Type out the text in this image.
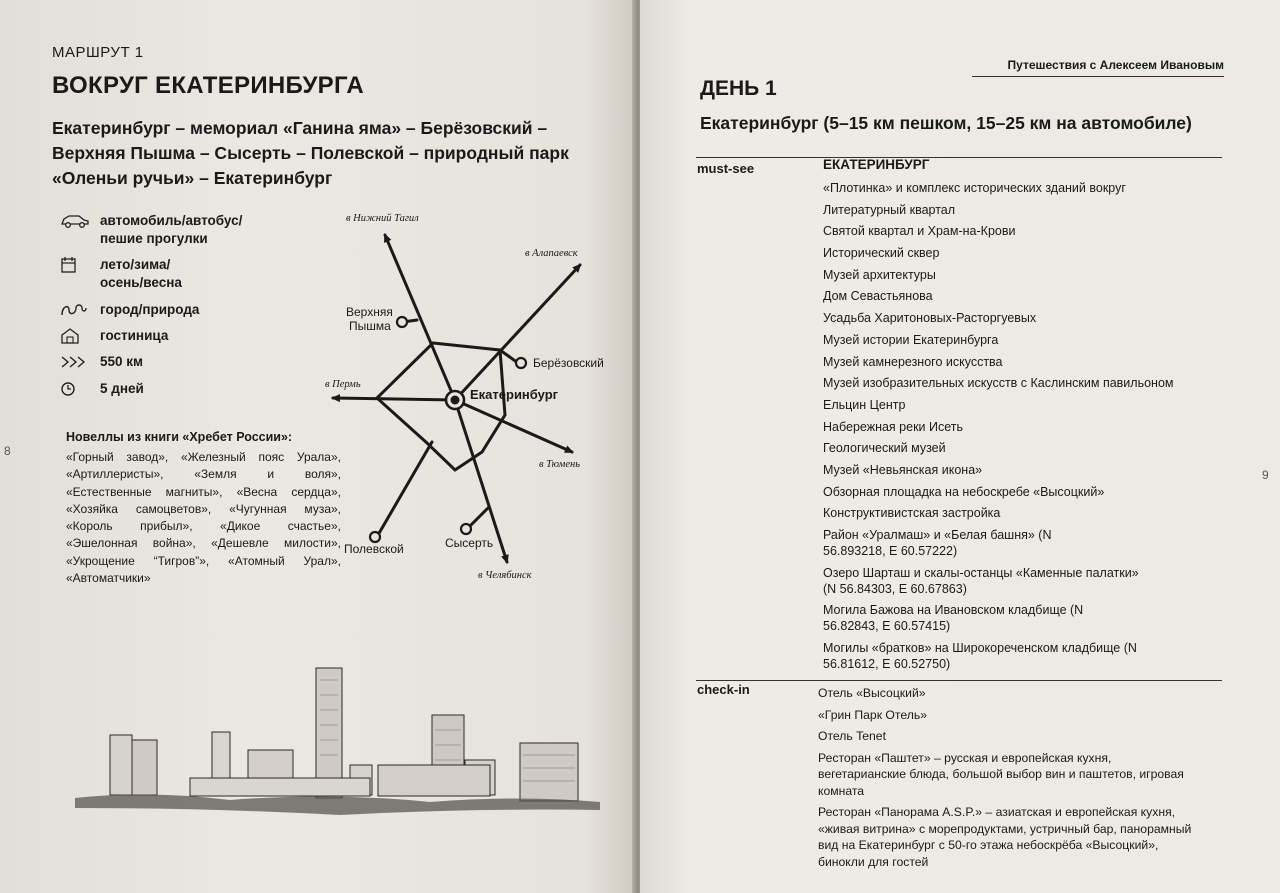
МАРШРУТ 1
ВОКРУГ ЕКАТЕРИНБУРГА
Екатеринбург – мемориал «Ганина яма» – Берёзовский – Верхняя Пышма – Сысерть – Полевской – природный парк «Оленьи ручьи» – Екатеринбург
автомобиль/автобус/
пешие прогулки
лето/зима/
осень/весна
город/природа
гостиница
550 км
5 дней
Новеллы из книги «Хребет России»:
«Горный завод», «Железный пояс Урала», «Артиллеристы», «Земля и воля», «Естественные магниты», «Весна сердца», «Хозяйка самоцветов», «Чугунная муза», «Король прибыл», «Дикое счастье», «Эшелонная война», «Дешевле милости», «Укрощение “Тигров”», «Атомный Урал», «Автоматчики»
8
Екатеринбург
Верхняя Пышма
Берёзовский
Полевской	Сысерть
в Нижний Тагил
в Алапаевск
в Пермь
в Тюмень
в Челябинск
Путешествия с Алексеем Ивановым
ДЕНЬ 1
Екатеринбург (5–15 км пешком, 15–25 км на автомобиле)
must-see	ЕКАТЕРИНБУРГ
«Плотинка» и комплекс исторических зданий вокруг
Литературный квартал
Святой квартал и Храм-на-Крови
Исторический сквер
Музей архитектуры
Дом Севастьянова
Усадьба Харитоновых-Расторгуевых
Музей истории Екатеринбурга
Музей камнерезного искусства
Музей изобразительных искусств с Каслинским павильоном
Ельцин Центр
Набережная реки Исеть
Геологический музей
Музей «Невьянская икона»
Обзорная площадка на небоскребе «Высоцкий»
Конструктивистская застройка
Район «Уралмаш» и «Белая башня» (N 56.893218, E 60.57222)
Озеро Шарташ и скалы-останцы «Каменные палатки» (N 56.84303, E 60.67863)
Могила Бажова на Ивановском кладбище (N 56.82843, E 60.57415)
Могилы «братков» на Широкореченском кладбище (N 56.81612, E 60.52750)
check-in	Отель «Высоцкий»
«Грин Парк Отель»
Отель Tenet
Ресторан «Паштет» – русская и европейская кухня, вегетарианские блюда, большой выбор вин и паштетов, игровая комната
Ресторан «Панорама A.S.P.» – азиатская и европейская кухня, «живая витрина» с морепродуктами, устричный бар, панорамный вид на Екатеринбург с 50-го этажа небоскрёба «Высоцкий», бинокли для гостей
9
